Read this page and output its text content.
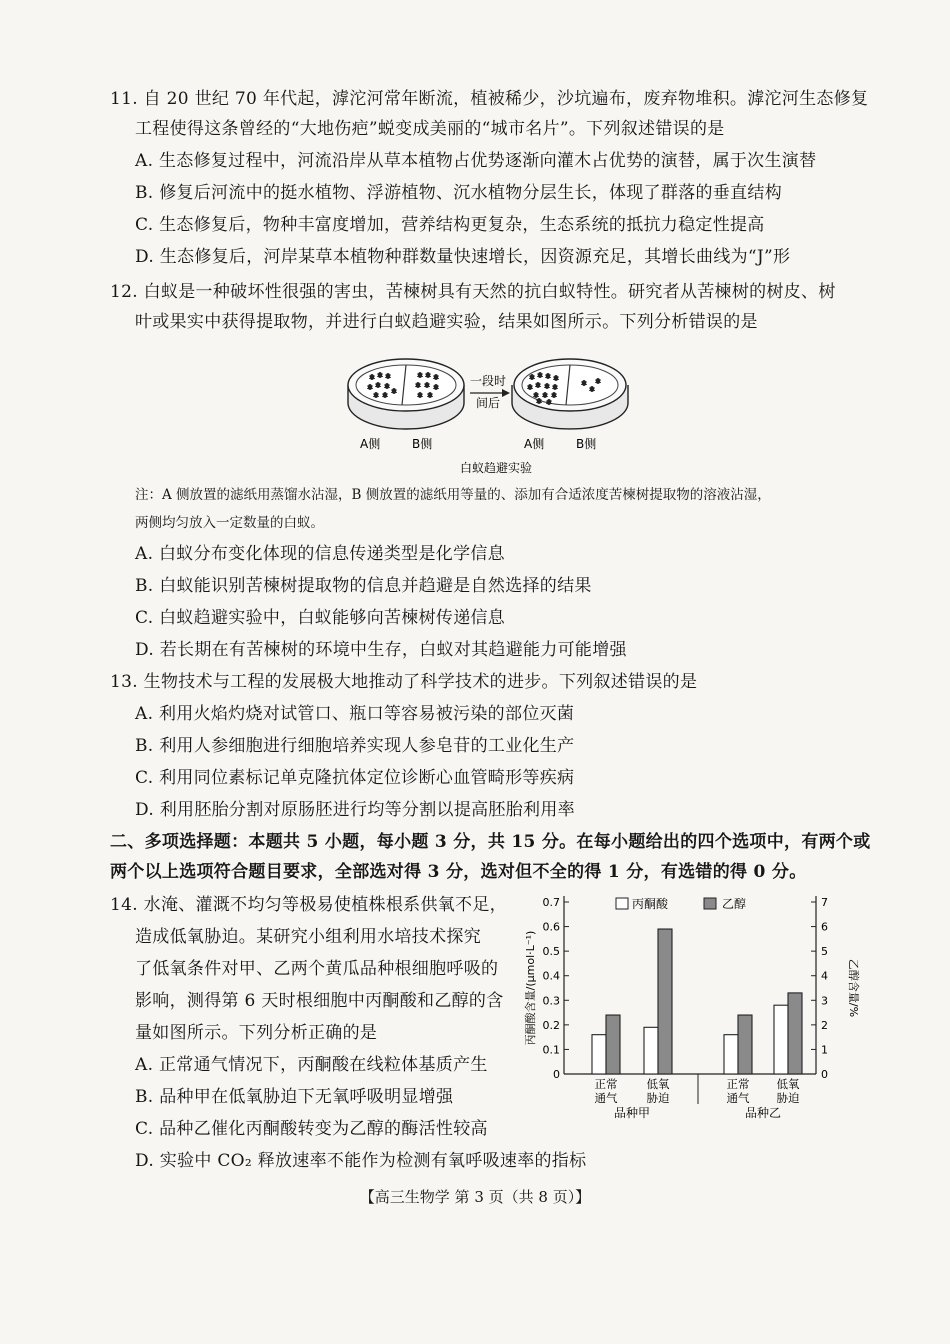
11. 自 20 世纪 70 年代起，滹沱河常年断流，植被稀少，沙坑遍布，废弃物堆积。滹沱河生态修复
工程使得这条曾经的“大地伤疤”蜕变成美丽的“城市名片”。下列叙述错误的是
A. 生态修复过程中，河流沿岸从草本植物占优势逐渐向灌木占优势的演替，属于次生演替
B. 修复后河流中的挺水植物、浮游植物、沉水植物分层生长，体现了群落的垂直结构
C. 生态修复后，物种丰富度增加，营养结构更复杂，生态系统的抵抗力稳定性提高
D. 生态修复后，河岸某草本植物种群数量快速增长，因资源充足，其增长曲线为“J”形
12. 白蚁是一种破坏性很强的害虫，苦楝树具有天然的抗白蚁特性。研究者从苦楝树的树皮、树
叶或果实中获得提取物，并进行白蚁趋避实验，结果如图所示。下列分析错误的是
一段时
间后
A侧	B侧	A侧	B侧
白蚁趋避实验
注：A 侧放置的滤纸用蒸馏水沾湿，B 侧放置的滤纸用等量的、添加有合适浓度苦楝树提取物的溶液沾湿，
两侧均匀放入一定数量的白蚁。
A. 白蚁分布变化体现的信息传递类型是化学信息
B. 白蚁能识别苦楝树提取物的信息并趋避是自然选择的结果
C. 白蚁趋避实验中，白蚁能够向苦楝树传递信息
D. 若长期在有苦楝树的环境中生存，白蚁对其趋避能力可能增强
13. 生物技术与工程的发展极大地推动了科学技术的进步。下列叙述错误的是
A. 利用火焰灼烧对试管口、瓶口等容易被污染的部位灭菌
B. 利用人参细胞进行细胞培养实现人参皂苷的工业化生产
C. 利用同位素标记单克隆抗体定位诊断心血管畸形等疾病
D. 利用胚胎分割对原肠胚进行均等分割以提高胚胎利用率
二、多项选择题：本题共 5 小题，每小题 3 分，共 15 分。在每小题给出的四个选项中，有两个或
两个以上选项符合题目要求，全部选对得 3 分，选对但不全的得 1 分，有选错的得 0 分。
14. 水淹、灌溉不均匀等极易使植株根系供氧不足，
造成低氧胁迫。某研究小组利用水培技术探究
了低氧条件对甲、乙两个黄瓜品种根细胞呼吸的
影响，测得第 6 天时根细胞中丙酮酸和乙醇的含
量如图所示。下列分析正确的是
A. 正常通气情况下，丙酮酸在线粒体基质产生
B. 品种甲在低氧胁迫下无氧呼吸明显增强
C. 品种乙催化丙酮酸转变为乙醇的酶活性较高
D. 实验中 CO₂ 释放速率不能作为检测有氧呼吸速率的指标
0
0.1
0.2
0.3
0.4
0.5
0.6
0.7
0
1
2
3
4
5
6
7
丙酮酸含量/(μmol·L⁻¹)	乙醇含量/%
正常
通气
低氧
胁迫
正常
通气
低氧
胁迫
品种甲	品种乙
丙酮酸	乙醇
【高三生物学 第 3 页（共 8 页）】
